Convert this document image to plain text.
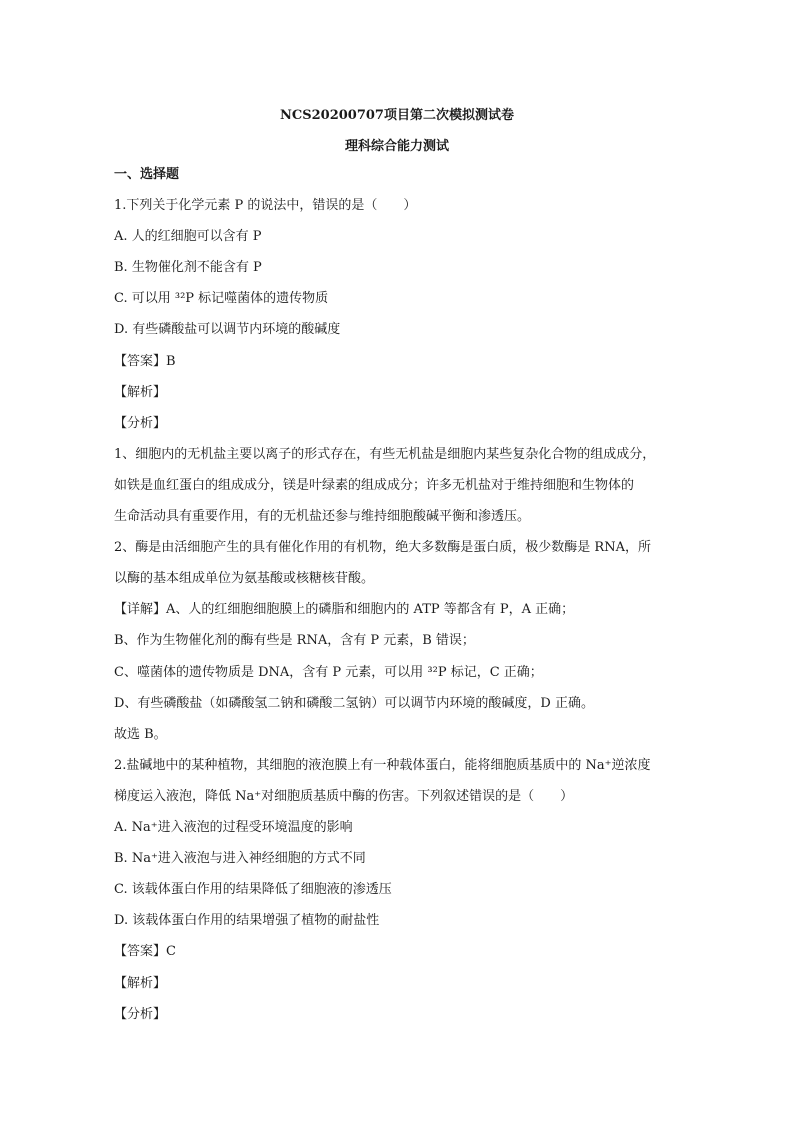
NCS20200707项目第二次模拟测试卷
理科综合能力测试
一、选择题
1.下列关于化学元素 P 的说法中，错误的是（　　）
A. 人的红细胞可以含有 P
B. 生物催化剂不能含有 P
C. 可以用 ³²P 标记噬菌体的遗传物质
D. 有些磷酸盐可以调节内环境的酸碱度
【答案】B
【解析】
【分析】
1、细胞内的无机盐主要以离子的形式存在，有些无机盐是细胞内某些复杂化合物的组成成分，
如铁是血红蛋白的组成成分，镁是叶绿素的组成成分；许多无机盐对于维持细胞和生物体的
生命活动具有重要作用，有的无机盐还参与维持细胞酸碱平衡和渗透压。
2、酶是由活细胞产生的具有催化作用的有机物，绝大多数酶是蛋白质，极少数酶是 RNA，所
以酶的基本组成单位为氨基酸或核糖核苷酸。
【详解】A、人的红细胞细胞膜上的磷脂和细胞内的 ATP 等都含有 P，A 正确；
B、作为生物催化剂的酶有些是 RNA，含有 P 元素，B 错误；
C、噬菌体的遗传物质是 DNA，含有 P 元素，可以用 ³²P 标记，C 正确；
D、有些磷酸盐（如磷酸氢二钠和磷酸二氢钠）可以调节内环境的酸碱度，D 正确。
故选 B。
2.盐碱地中的某种植物，其细胞的液泡膜上有一种载体蛋白，能将细胞质基质中的 Na⁺逆浓度
梯度运入液泡，降低 Na⁺对细胞质基质中酶的伤害。下列叙述错误的是（　　）
A. Na⁺进入液泡的过程受环境温度的影响
B. Na⁺进入液泡与进入神经细胞的方式不同
C. 该载体蛋白作用的结果降低了细胞液的渗透压
D. 该载体蛋白作用的结果增强了植物的耐盐性
【答案】C
【解析】
【分析】
